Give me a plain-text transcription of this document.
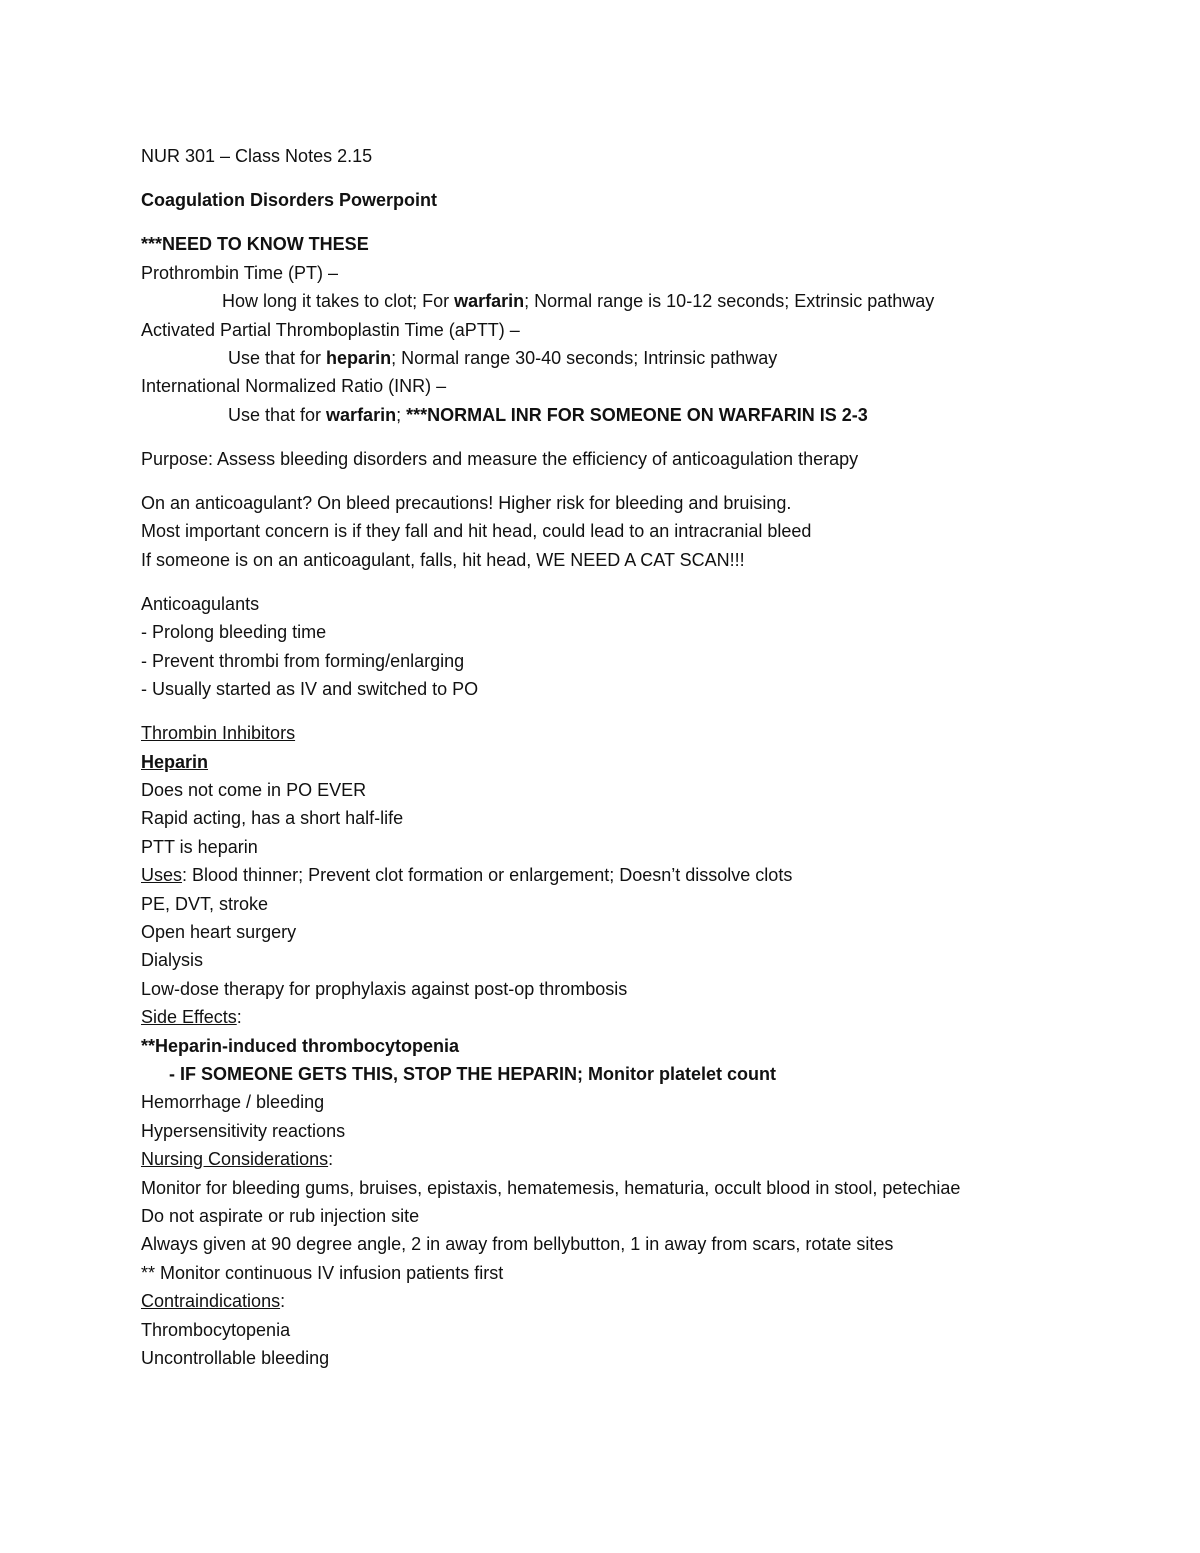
NUR 301 – Class Notes 2.15
Coagulation Disorders Powerpoint
***NEED TO KNOW THESE
Prothrombin Time (PT) –
How long it takes to clot; For warfarin; Normal range is 10-12 seconds; Extrinsic pathway
Activated Partial Thromboplastin Time (aPTT) –
Use that for heparin; Normal range 30-40 seconds; Intrinsic pathway
International Normalized Ratio (INR) –
Use that for warfarin; ***NORMAL INR FOR SOMEONE ON WARFARIN IS 2-3
Purpose: Assess bleeding disorders and measure the efficiency of anticoagulation therapy
On an anticoagulant? On bleed precautions! Higher risk for bleeding and bruising.
Most important concern is if they fall and hit head, could lead to an intracranial bleed
If someone is on an anticoagulant, falls, hit head, WE NEED A CAT SCAN!!!
Anticoagulants
- Prolong bleeding time
- Prevent thrombi from forming/enlarging
- Usually started as IV and switched to PO
Thrombin Inhibitors
Heparin
Does not come in PO EVER
Rapid acting, has a short half-life
PTT is heparin
Uses: Blood thinner; Prevent clot formation or enlargement; Doesn’t dissolve clots
PE, DVT, stroke
Open heart surgery
Dialysis
Low-dose therapy for prophylaxis against post-op thrombosis
Side Effects:
**Heparin-induced thrombocytopenia
- IF SOMEONE GETS THIS, STOP THE HEPARIN; Monitor platelet count
Hemorrhage / bleeding
Hypersensitivity reactions
Nursing Considerations:
Monitor for bleeding gums, bruises, epistaxis, hematemesis, hematuria, occult blood in stool, petechiae
Do not aspirate or rub injection site
Always given at 90 degree angle, 2 in away from bellybutton, 1 in away from scars, rotate sites
** Monitor continuous IV infusion patients first
Contraindications:
Thrombocytopenia
Uncontrollable bleeding
